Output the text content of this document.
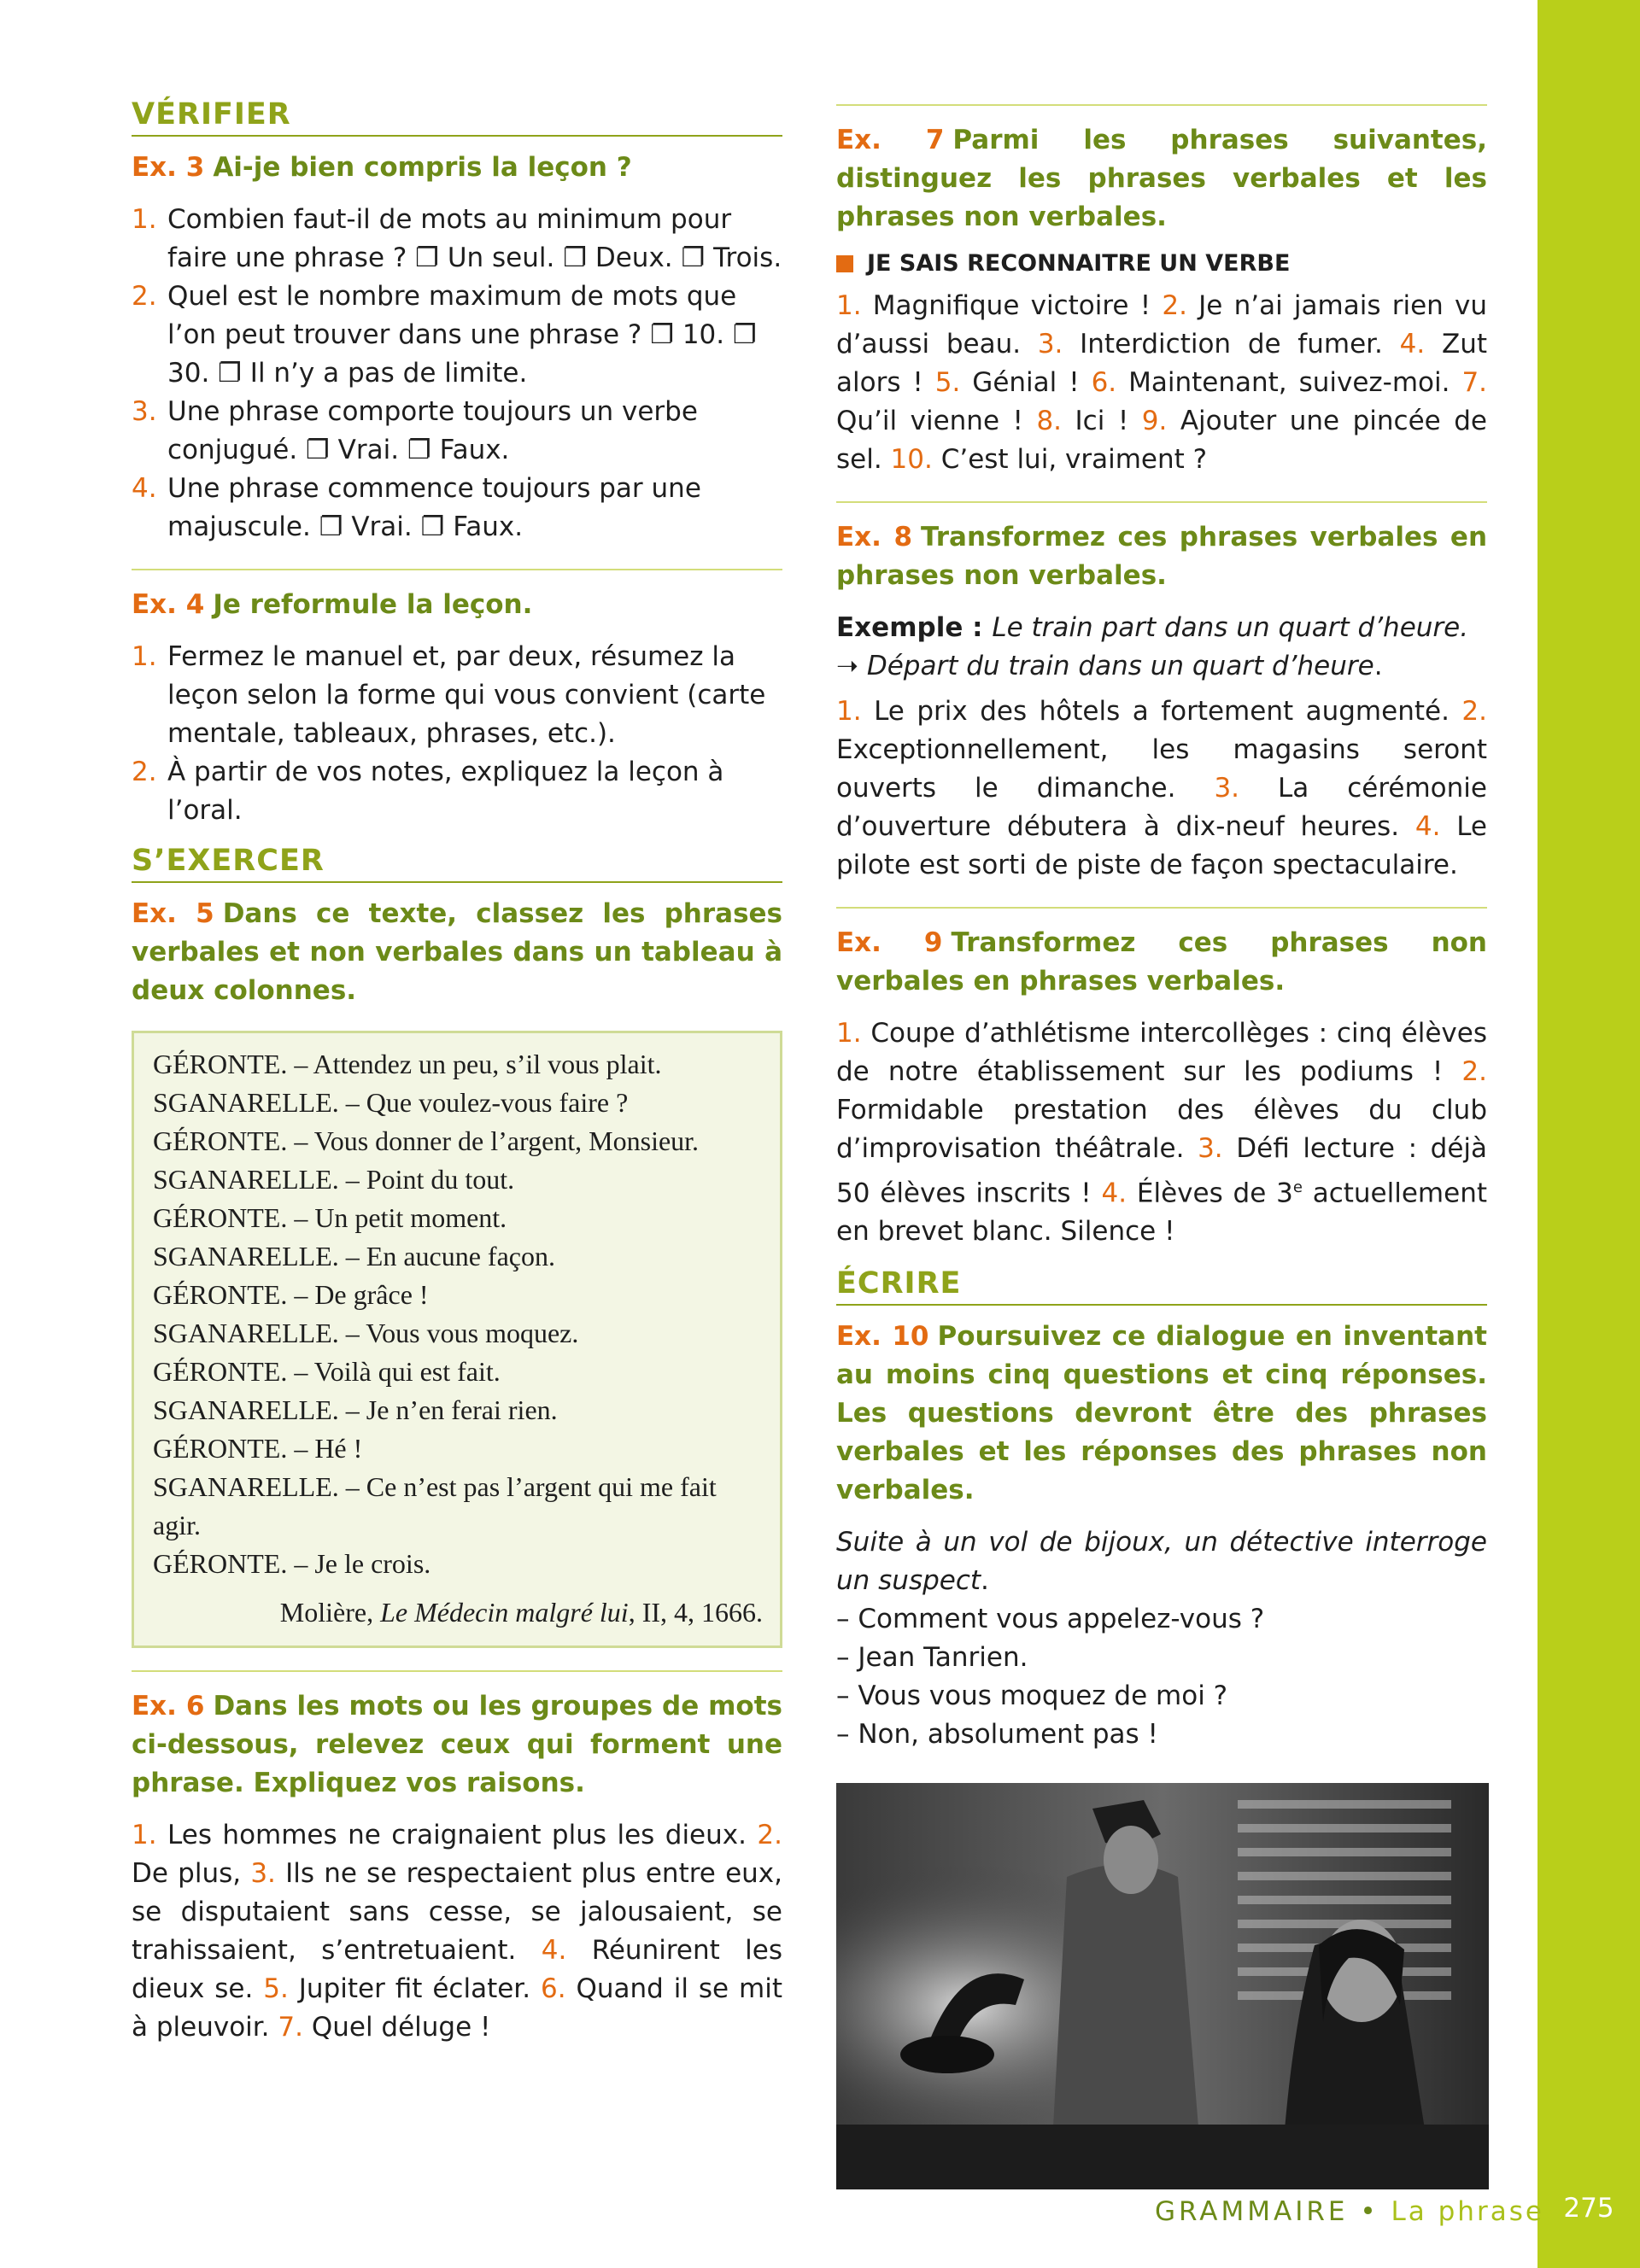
275
VÉRIFIER
Ex. 3 Ai-je bien compris la leçon ?
1. Combien faut-il de mots au minimum pour faire une phrase ? ❐ Un seul. ❐ Deux. ❐ Trois.
2. Quel est le nombre maximum de mots que l’on peut trouver dans une phrase ? ❐ 10. ❐ 30. ❐ Il n’y a pas de limite.
3. Une phrase comporte toujours un verbe conjugué. ❐ Vrai. ❐ Faux.
4. Une phrase commence toujours par une majuscule. ❐ Vrai. ❐ Faux.
Ex. 4 Je reformule la leçon.
1. Fermez le manuel et, par deux, résumez la leçon selon la forme qui vous convient (carte mentale, tableaux, phrases, etc.).
2. À partir de vos notes, expliquez la leçon à l’oral.
S’EXERCER
Ex. 5 Dans ce texte, classez les phrases verbales et non verbales dans un tableau à deux colonnes.

GÉRONTE. – Attendez un peu, s’il vous plait.

SGANARELLE. – Que voulez-vous faire ?

GÉRONTE. – Vous donner de l’argent, Monsieur.

SGANARELLE. – Point du tout.

GÉRONTE. – Un petit moment.

SGANARELLE. – En aucune façon.

GÉRONTE. – De grâce !

SGANARELLE. – Vous vous moquez.

GÉRONTE. – Voilà qui est fait.

SGANARELLE. – Je n’en ferai rien.

GÉRONTE. – Hé !

SGANARELLE. – Ce n’est pas l’argent qui me fait agir.

GÉRONTE. – Je le crois.

Molière, Le Médecin malgré lui, II, 4, 1666.
Ex. 6 Dans les mots ou les groupes de mots ci-dessous, relevez ceux qui forment une phrase. Expliquez vos raisons.

1. Les hommes ne craignaient plus les dieux. 2. De plus, 3. Ils ne se respectaient plus entre eux, se disputaient sans cesse, se jalousaient, se trahissaient, s’entretuaient. 4. Réunirent les dieux se. 5. Jupiter fit éclater. 6. Quand il se mit à pleuvoir. 7. Quel déluge !

Ex. 7 Parmi les phrases suivantes, distinguez les phrases verbales et les phrases non verbales.
JE SAIS RECONNAITRE UN VERBE

1. Magnifique victoire ! 2. Je n’ai jamais rien vu d’aussi beau. 3. Interdiction de fumer. 4. Zut alors ! 5. Génial ! 6. Maintenant, suivez-moi. 7. Qu’il vienne ! 8. Ici ! 9. Ajouter une pincée de sel. 10. C’est lui, vraiment ?

Ex. 8 Transformez ces phrases verbales en phrases non verbales.

Exemple : Le train part dans un quart d’heure.
➝ Départ du train dans un quart d’heure.

1. Le prix des hôtels a fortement augmenté. 2. Exceptionnellement, les magasins seront ouverts le dimanche. 3. La cérémonie d’ouverture débutera à dix-neuf heures. 4. Le pilote est sorti de piste de façon spectaculaire.

Ex. 9 Transformez ces phrases non verbales en phrases verbales.

1. Coupe d’athlétisme intercollèges : cinq élèves de notre établissement sur les podiums ! 2. Formidable prestation des élèves du club d’improvisation théâtrale. 3. Défi lecture : déjà 50 élèves inscrits ! 4. Élèves de 3e actuellement en brevet blanc. Silence !

ÉCRIRE
Ex. 10 Poursuivez ce dialogue en inventant au moins cinq questions et cinq réponses. Les questions devront être des phrases verbales et les réponses des phrases non verbales.

Suite à un vol de bijoux, un détective interroge un suspect.

– Comment vous appelez-vous ?

– Jean Tanrien.

– Vous vous moquez de moi ?

– Non, absolument pas !

GRAMMAIRE • La phrase
